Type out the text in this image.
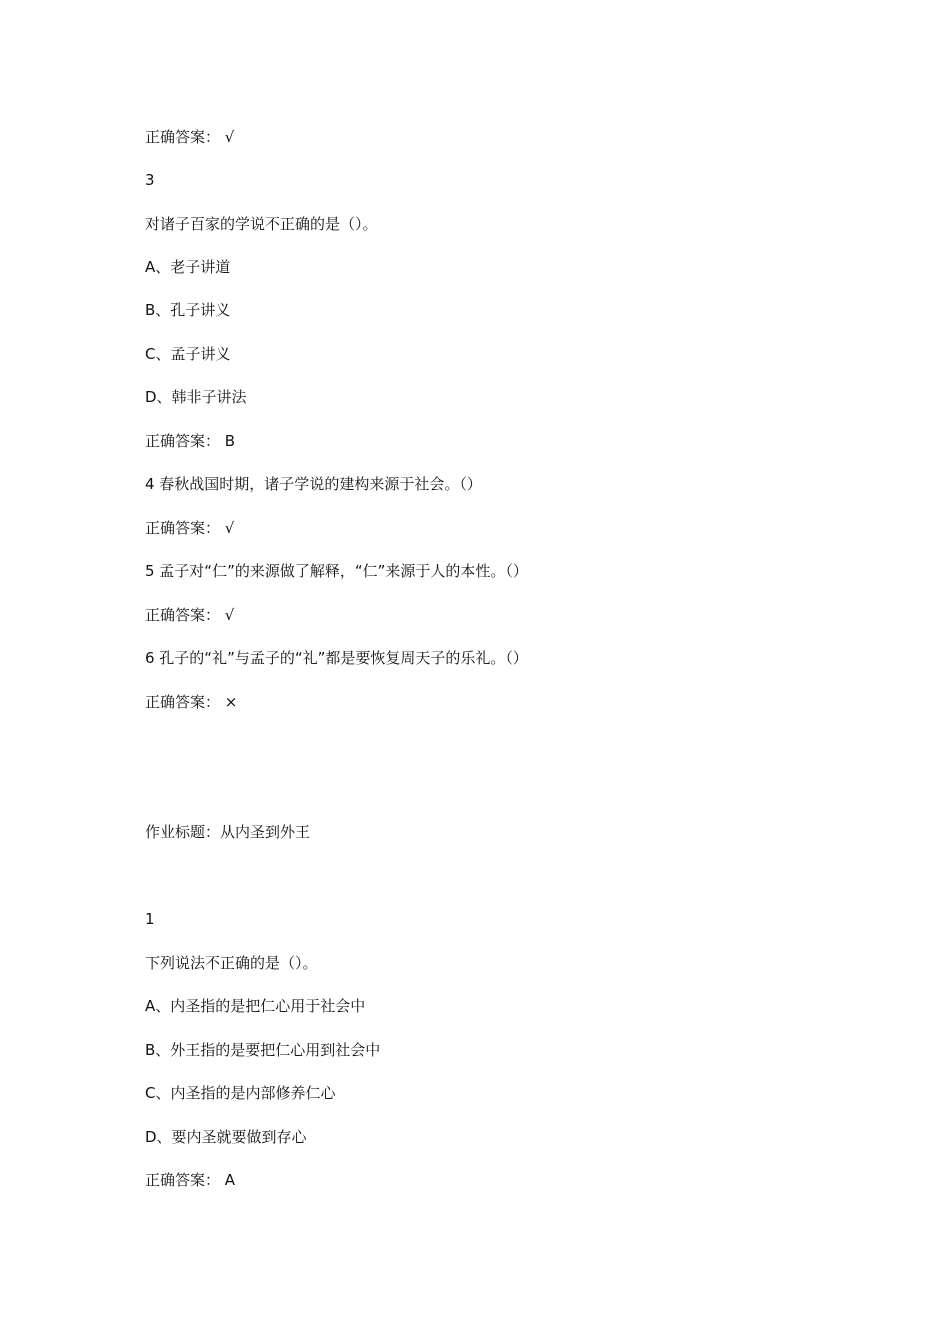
正确答案： √
3
对诸子百家的学说不正确的是（）。
A、老子讲道
B、孔子讲义
C、孟子讲义
D、韩非子讲法
正确答案： B
4 春秋战国时期，诸子学说的建构来源于社会。（）
正确答案： √
5 孟子对“仁”的来源做了解释，“仁”来源于人的本性。（）
正确答案： √
6 孔子的“礼”与孟子的“礼”都是要恢复周天子的乐礼。（）
正确答案： ×
作业标题：从内圣到外王
1
下列说法不正确的是（）。
A、内圣指的是把仁心用于社会中
B、外王指的是要把仁心用到社会中
C、内圣指的是内部修养仁心
D、要内圣就要做到存心
正确答案： A
